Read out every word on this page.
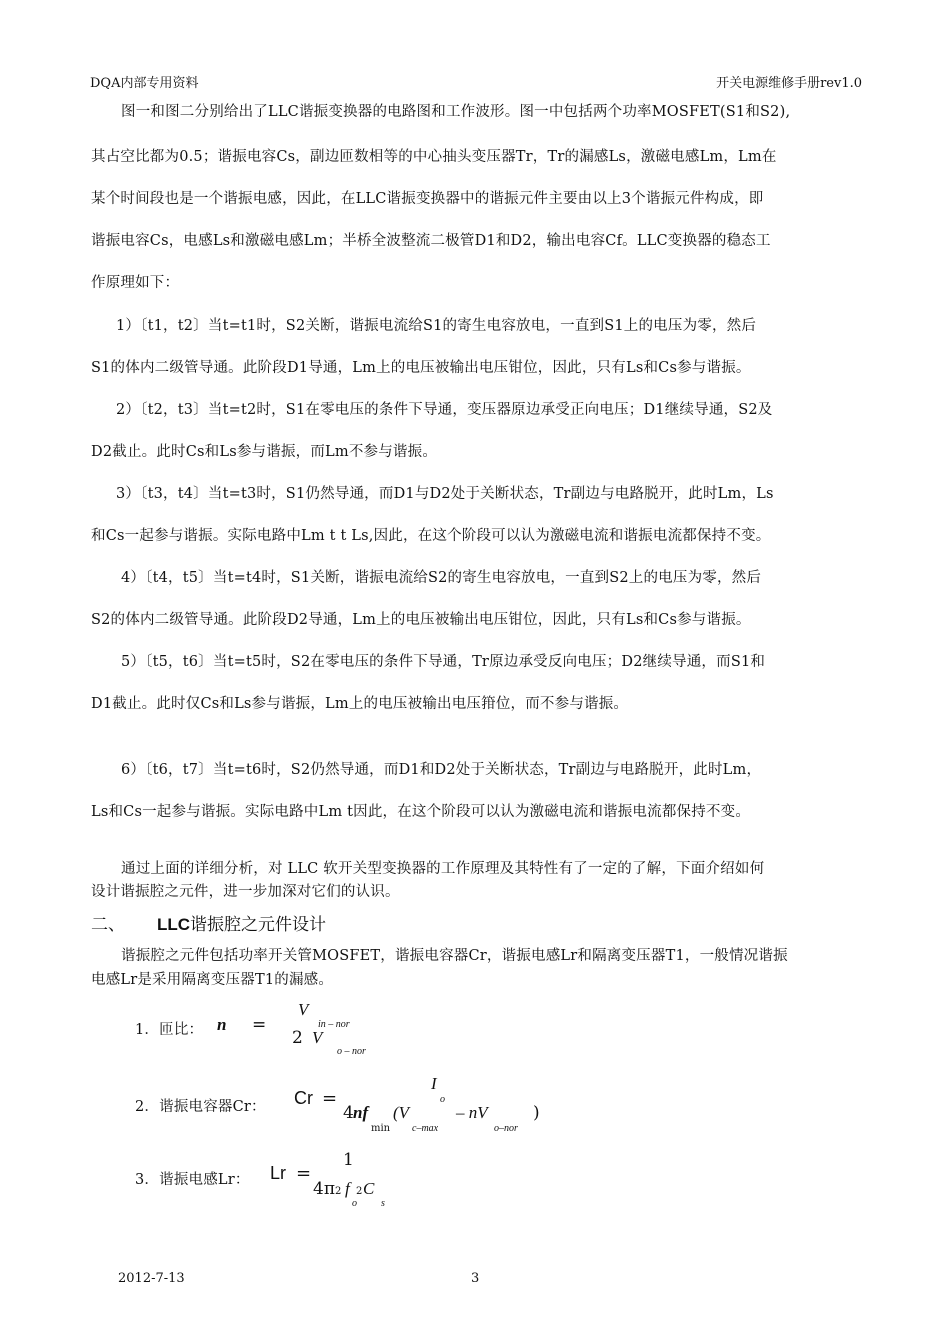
DQA内部专用资料	开关电源维修手册rev1.0
图一和图二分别给出了LLC谐振变换器的电路图和工作波形。图一中包括两个功率MOSFET(S1和S2),
其占空比都为0.5；谐振电容Cs，副边匝数相等的中心抽头变压器Tr，Tr的漏感Ls，激磁电感Lm，Lm在
某个时间段也是一个谐振电感，因此，在LLC谐振变换器中的谐振元件主要由以上3个谐振元件构成，即
谐振电容Cs，电感Ls和激磁电感Lm；半桥全波整流二极管D1和D2，输出电容Cf。LLC变换器的稳态工
作原理如下：
1）〔t1，t2〕当t=t1时，S2关断，谐振电流给S1的寄生电容放电，一直到S1上的电压为零，然后
S1的体内二级管导通。此阶段D1导通，Lm上的电压被输出电压钳位，因此，只有Ls和Cs参与谐振。
2）〔t2，t3〕当t=t2时，S1在零电压的条件下导通，变压器原边承受正向电压；D1继续导通，S2及
D2截止。此时Cs和Ls参与谐振，而Lm不参与谐振。
3）〔t3，t4〕当t=t3时，S1仍然导通，而D1与D2处于关断状态，Tr副边与电路脱开，此时Lm，Ls
和Cs一起参与谐振。实际电路中Lm t t Ls,因此，在这个阶段可以认为激磁电流和谐振电流都保持不变。
4）〔t4，t5〕当t=t4时，S1关断，谐振电流给S2的寄生电容放电，一直到S2上的电压为零，然后
S2的体内二级管导通。此阶段D2导通，Lm上的电压被输出电压钳位，因此，只有Ls和Cs参与谐振。
5）〔t5，t6〕当t=t5时，S2在零电压的条件下导通，Tr原边承受反向电压；D2继续导通，而S1和
D1截止。此时仅Cs和Ls参与谐振，Lm上的电压被输出电压箝位，而不参与谐振。
6）〔t6，t7〕当t=t6时，S2仍然导通，而D1和D2处于关断状态，Tr副边与电路脱开，此时Lm，
Ls和Cs一起参与谐振。实际电路中Lm t因此，在这个阶段可以认为激磁电流和谐振电流都保持不变。
通过上面的详细分析，对 LLC 软开关型变换器的工作原理及其特性有了一定的了解，下面介绍如何
设计谐振腔之元件，进一步加深对它们的认识。
二、 LLC谐振腔之元件设计
谐振腔之元件包括功率开关管MOSFET，谐振电容器Cr，谐振电感Lr和隔离变压器T1，一般情况谐振
电感Lr是采用隔离变压器T1的漏感。
1．匝比： n =
V
in – nor
2 V
o – nor
2．谐振电容器Cr： Cr =
I
o
4 nf
min
(V
c–max
– nV
o–nor
)
3．谐振电感Lr： Lr =
1
4π 2 f
o
2 C
s
2012-7-13	3
